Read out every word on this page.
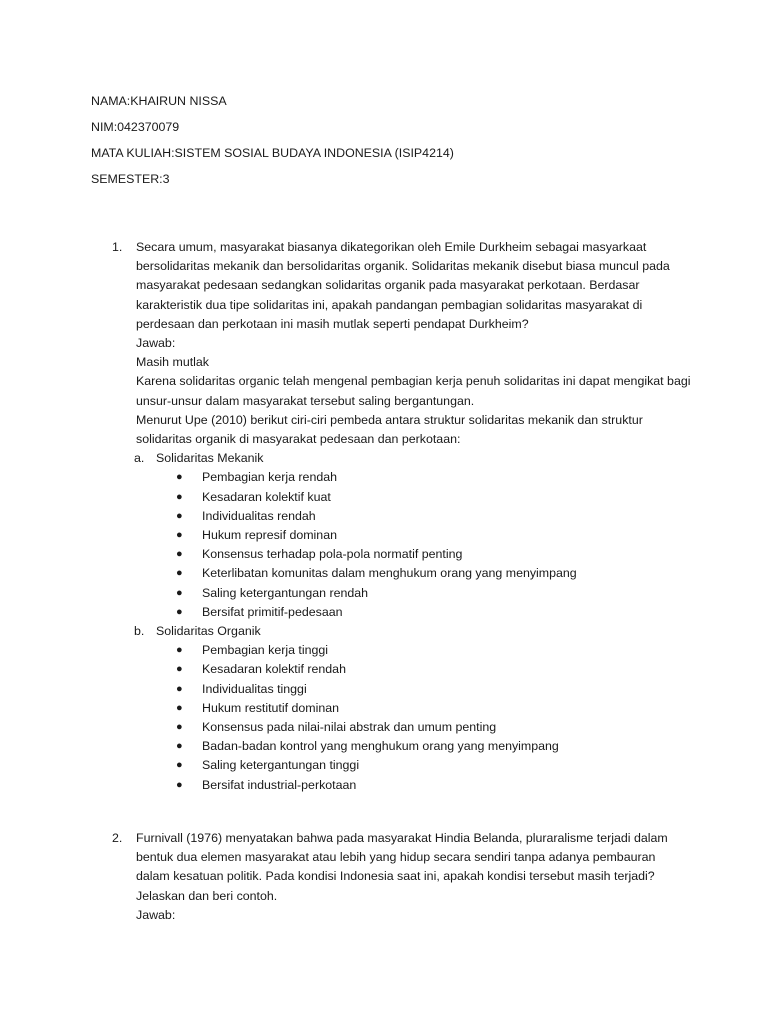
NAMA:KHAIRUN NISSA

NIM:042370079

MATA KULIAH:SISTEM SOSIAL BUDAYA INDONESIA (ISIP4214)

SEMESTER:3

1.	Secara umum, masyarakat biasanya dikategorikan oleh Emile Durkheim sebagai masyarkaat bersolidaritas mekanik dan bersolidaritas organik. Solidaritas mekanik disebut biasa muncul pada masyarakat pedesaan sedangkan solidaritas organik pada masyarakat perkotaan. Berdasar karakteristik dua tipe solidaritas ini, apakah pandangan pembagian solidaritas masyarakat di perdesaan dan perkotaan ini masih mutlak seperti pendapat Durkheim?

Jawab:

Masih mutlak

Karena solidaritas organic telah mengenal pembagian kerja penuh solidaritas ini dapat mengikat bagi unsur-unsur dalam masyarakat tersebut saling bergantungan.

Menurut Upe (2010) berikut ciri-ciri pembeda antara struktur solidaritas mekanik dan struktur solidaritas organik di masyarakat pedesaan dan perkotaan:

a. Solidaritas Mekanik
● Pembagian kerja rendah
● Kesadaran kolektif kuat
● Individualitas rendah
● Hukum represif dominan
● Konsensus terhadap pola-pola normatif penting
● Keterlibatan komunitas dalam menghukum orang yang menyimpang
● Saling ketergantungan rendah
● Bersifat primitif-pedesaan
b. Solidaritas Organik
● Pembagian kerja tinggi
● Kesadaran kolektif rendah
● Individualitas tinggi
● Hukum restitutif dominan
● Konsensus pada nilai-nilai abstrak dan umum penting
● Badan-badan kontrol yang menghukum orang yang menyimpang
● Saling ketergantungan tinggi
● Bersifat industrial-perkotaan
2.	Furnivall (1976) menyatakan bahwa pada masyarakat Hindia Belanda, pluraralisme terjadi dalam bentuk dua elemen masyarakat atau lebih yang hidup secara sendiri tanpa adanya pembauran dalam kesatuan politik. Pada kondisi Indonesia saat ini, apakah kondisi tersebut masih terjadi? Jelaskan dan beri contoh.

Jawab:
